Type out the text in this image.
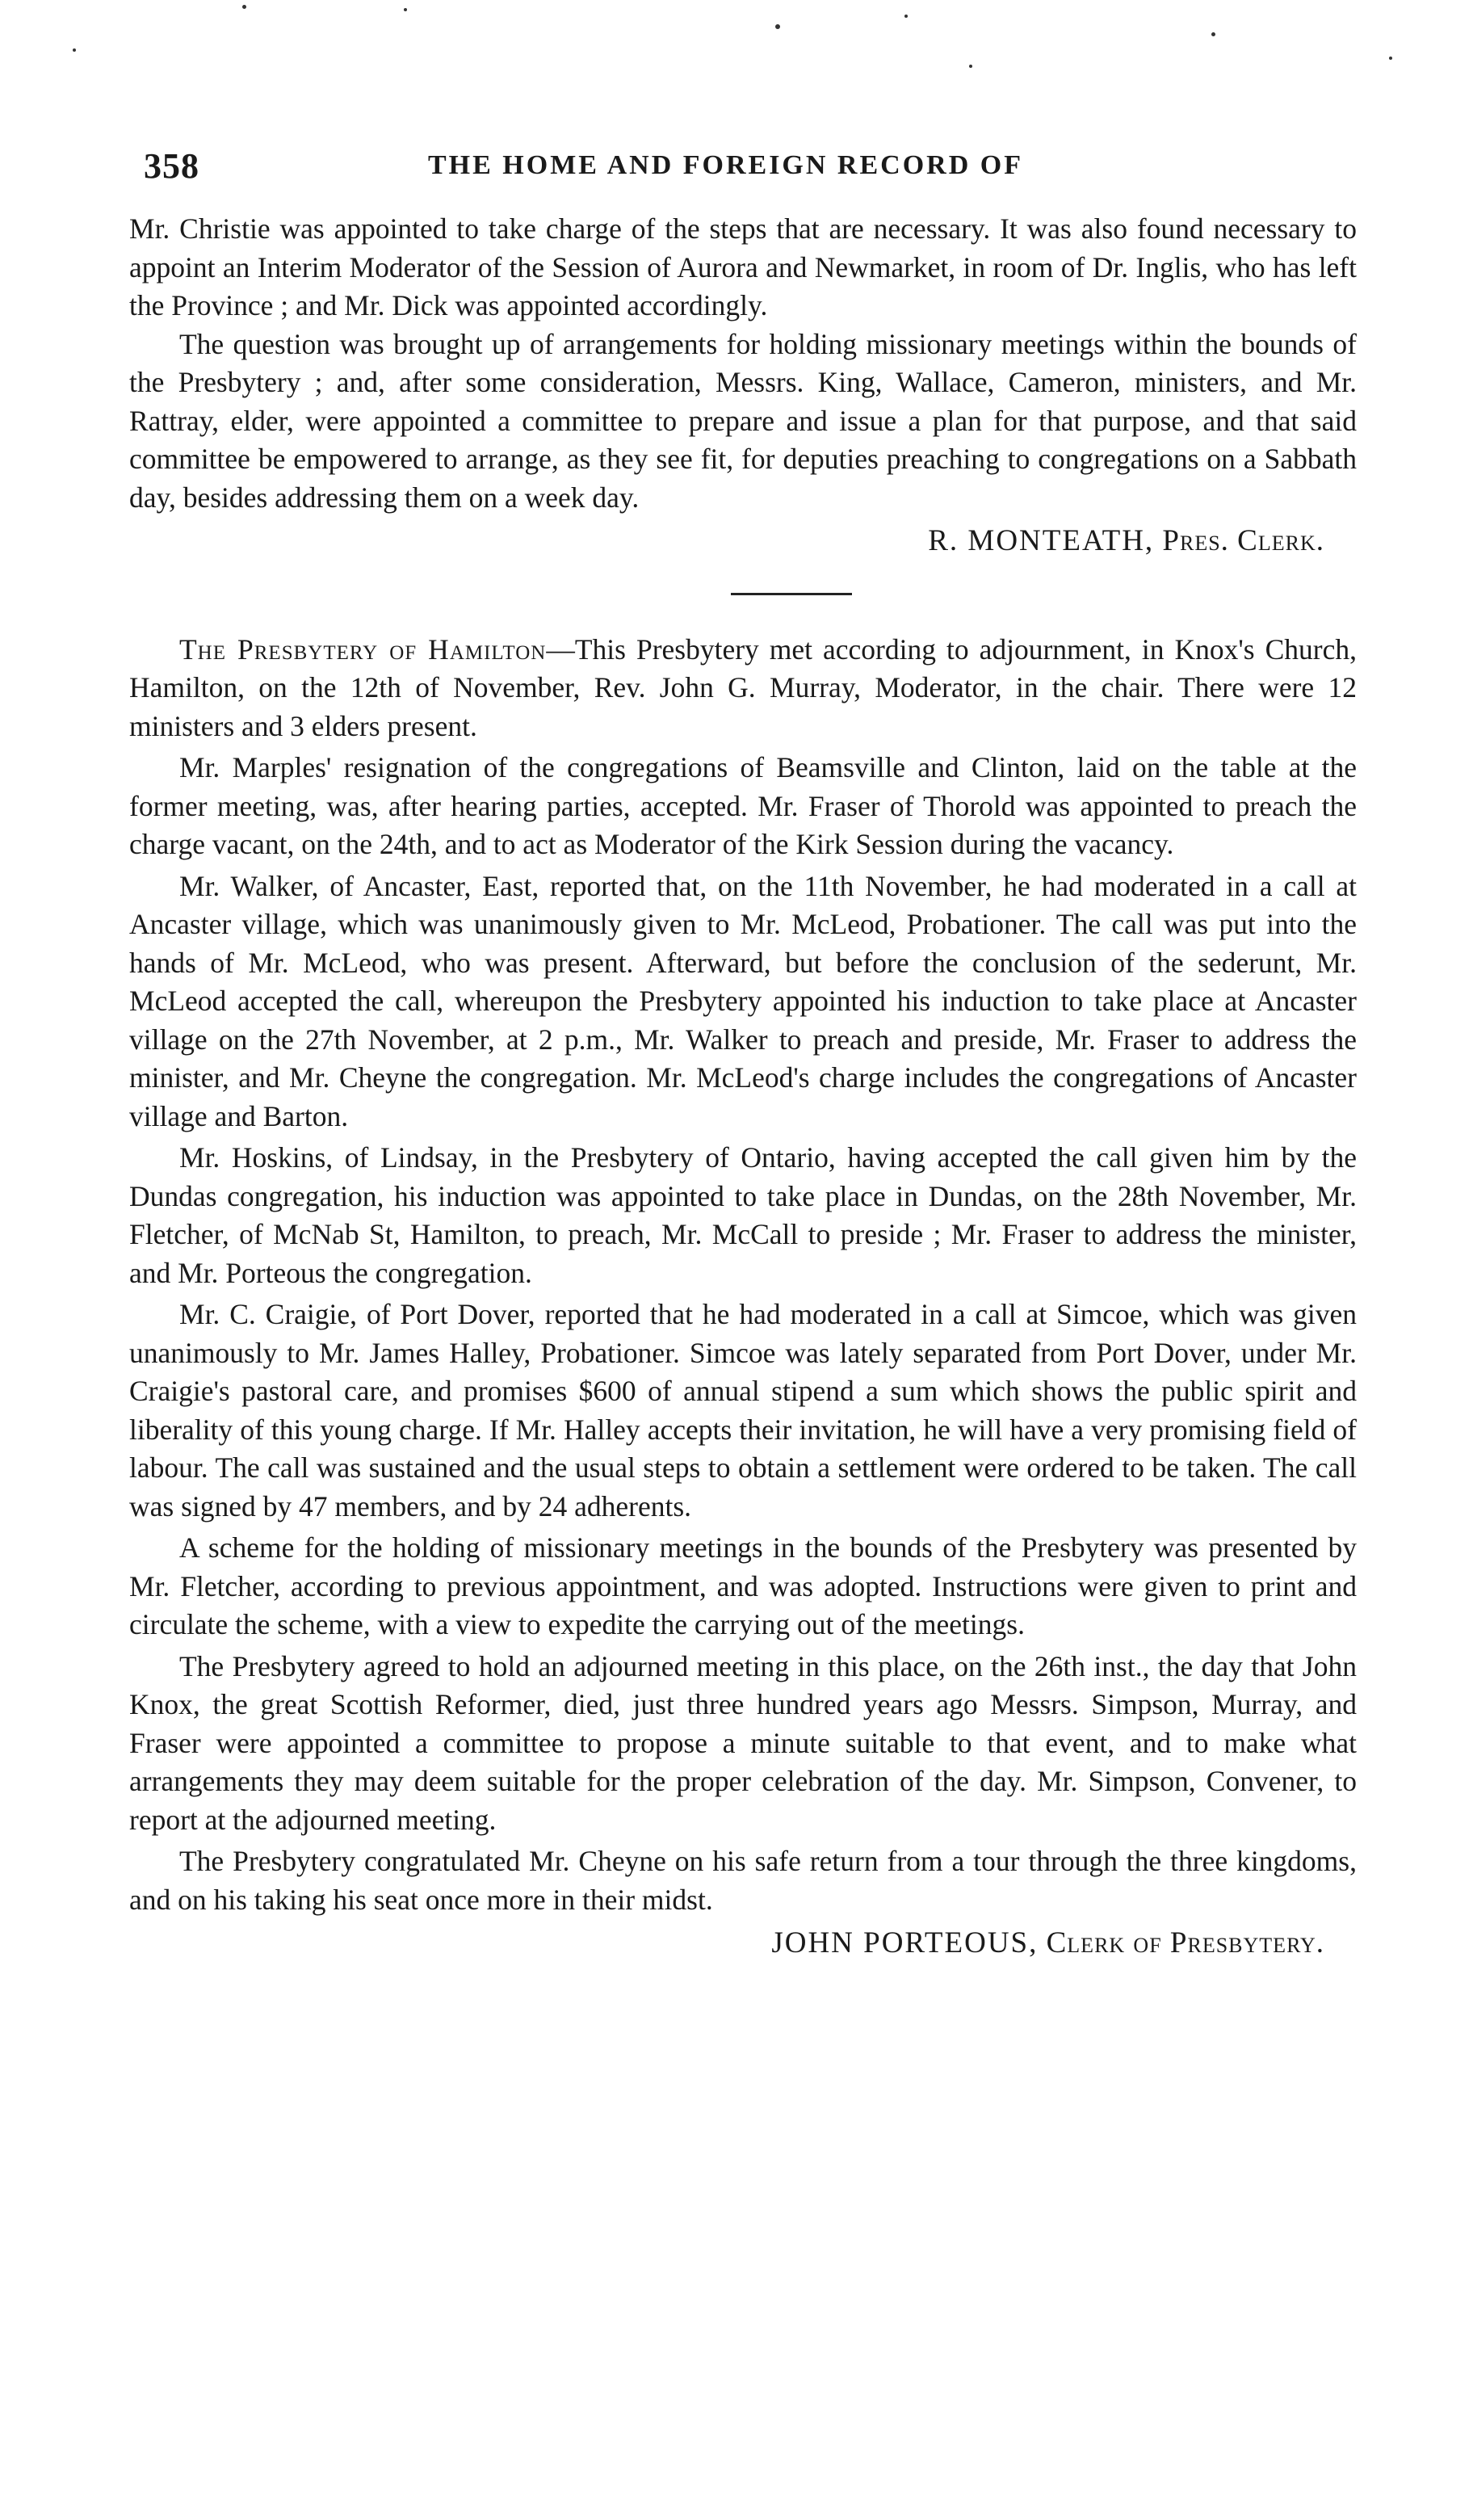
358	THE HOME AND FOREIGN RECORD OF

Mr. Christie was appointed to take charge of the steps that are necessary. It was also found necessary to appoint an Interim Moderator of the Session of Aurora and Newmarket, in room of Dr. Inglis, who has left the Province ; and Mr. Dick was appointed accordingly.

The question was brought up of arrangements for holding missionary meetings within the bounds of the Presbytery ; and, after some consideration, Messrs. King, Wallace, Cameron, ministers, and Mr. Rattray, elder, were appointed a committee to prepare and issue a plan for that purpose, and that said committee be empowered to arrange, as they see fit, for deputies preaching to congregations on a Sabbath day, besides addressing them on a week day.

R. MONTEATH, Pres. Clerk.

The Presbytery of Hamilton—This Presbytery met according to adjournment, in Knox's Church, Hamilton, on the 12th of November, Rev. John G. Murray, Moderator, in the chair. There were 12 ministers and 3 elders present.

Mr. Marples' resignation of the congregations of Beamsville and Clinton, laid on the table at the former meeting, was, after hearing parties, accepted. Mr. Fraser of Thorold was appointed to preach the charge vacant, on the 24th, and to act as Moderator of the Kirk Session during the vacancy.

Mr. Walker, of Ancaster, East, reported that, on the 11th November, he had moderated in a call at Ancaster village, which was unanimously given to Mr. McLeod, Probationer. The call was put into the hands of Mr. McLeod, who was present. Afterward, but before the conclusion of the sederunt, Mr. McLeod accepted the call, whereupon the Presbytery appointed his induction to take place at Ancaster village on the 27th November, at 2 p.m., Mr. Walker to preach and preside, Mr. Fraser to address the minister, and Mr. Cheyne the congregation. Mr. McLeod's charge includes the congregations of Ancaster village and Barton.

Mr. Hoskins, of Lindsay, in the Presbytery of Ontario, having accepted the call given him by the Dundas congregation, his induction was appointed to take place in Dundas, on the 28th November, Mr. Fletcher, of McNab St, Hamilton, to preach, Mr. McCall to preside ; Mr. Fraser to address the minister, and Mr. Porteous the congregation.

Mr. C. Craigie, of Port Dover, reported that he had moderated in a call at Simcoe, which was given unanimously to Mr. James Halley, Probationer. Simcoe was lately separated from Port Dover, under Mr. Craigie's pastoral care, and promises $600 of annual stipend a sum which shows the public spirit and liberality of this young charge. If Mr. Halley accepts their invitation, he will have a very promising field of labour. The call was sustained and the usual steps to obtain a settlement were ordered to be taken. The call was signed by 47 members, and by 24 adherents.

A scheme for the holding of missionary meetings in the bounds of the Presbytery was presented by Mr. Fletcher, according to previous appointment, and was adopted. Instructions were given to print and circulate the scheme, with a view to expedite the carrying out of the meetings.

The Presbytery agreed to hold an adjourned meeting in this place, on the 26th inst., the day that John Knox, the great Scottish Reformer, died, just three hundred years ago Messrs. Simpson, Murray, and Fraser were appointed a committee to propose a minute suitable to that event, and to make what arrangements they may deem suitable for the proper celebration of the day. Mr. Simpson, Convener, to report at the adjourned meeting.

The Presbytery congratulated Mr. Cheyne on his safe return from a tour through the three kingdoms, and on his taking his seat once more in their midst.

JOHN PORTEOUS, Clerk of Presbytery.
